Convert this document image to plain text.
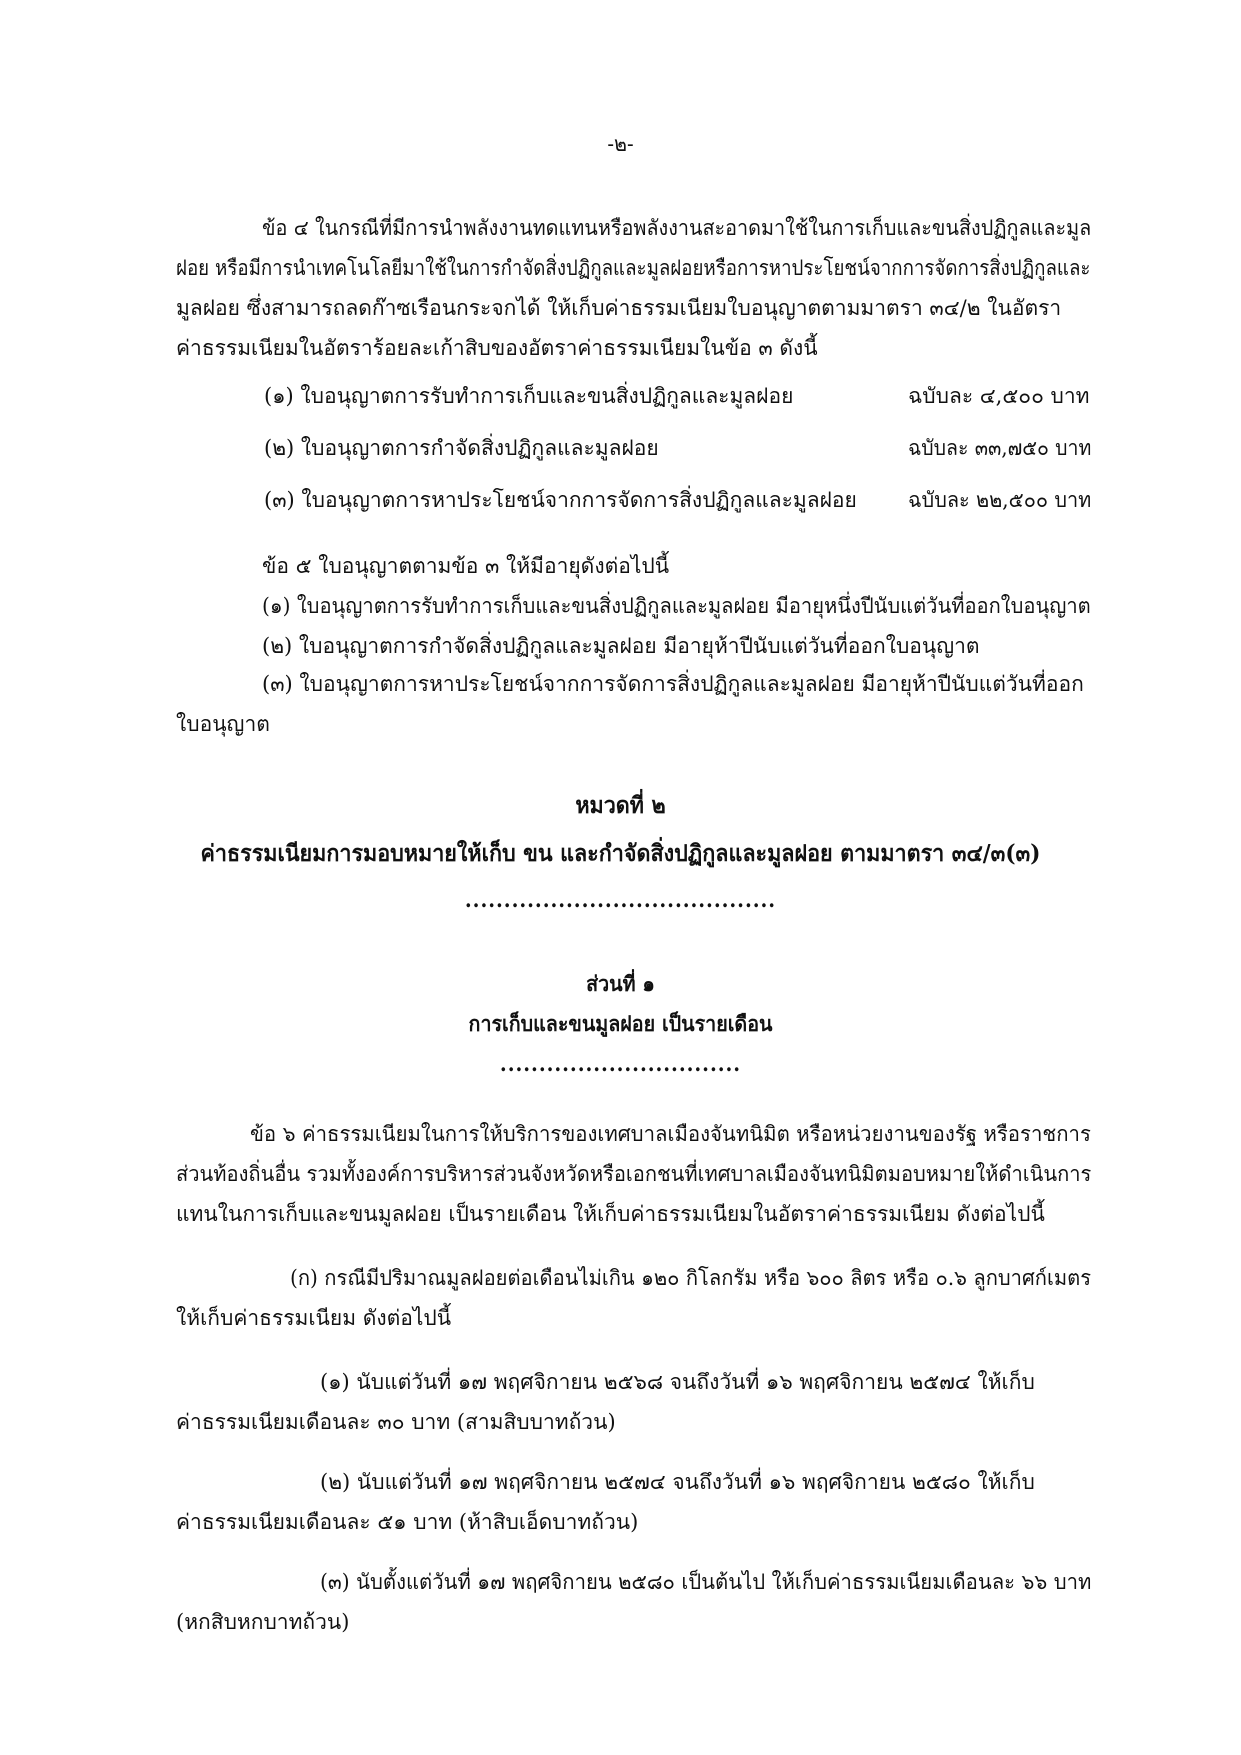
-๒-
ข้อ ๔ ในกรณีที่มีการนำพลังงานทดแทนหรือพลังงานสะอาดมาใช้ในการเก็บและขนสิ่งปฏิกูลและมูล
ฝอย หรือมีการนำเทคโนโลยีมาใช้ในการกำจัดสิ่งปฏิกูลและมูลฝอยหรือการหาประโยชน์จากการจัดการสิ่งปฏิกูลและ
มูลฝอย ซึ่งสามารถลดก๊าซเรือนกระจกได้ ให้เก็บค่าธรรมเนียมใบอนุญาตตามมาตรา ๓๔/๒ ในอัตรา
ค่าธรรมเนียมในอัตราร้อยละเก้าสิบของอัตราค่าธรรมเนียมในข้อ ๓ ดังนี้
(๑) ใบอนุญาตการรับทำการเก็บและขนสิ่งปฏิกูลและมูลฝอย	ฉบับละ ๔,๕๐๐ บาท
(๒) ใบอนุญาตการกำจัดสิ่งปฏิกูลและมูลฝอย	ฉบับละ ๓๓,๗๕๐ บาท
(๓) ใบอนุญาตการหาประโยชน์จากการจัดการสิ่งปฏิกูลและมูลฝอย ฉบับละ ๒๒,๕๐๐ บาท
ข้อ ๕ ใบอนุญาตตามข้อ ๓ ให้มีอายุดังต่อไปนี้
(๑) ใบอนุญาตการรับทำการเก็บและขนสิ่งปฏิกูลและมูลฝอย มีอายุหนึ่งปีนับแต่วันที่ออกใบอนุญาต
(๒) ใบอนุญาตการกำจัดสิ่งปฏิกูลและมูลฝอย มีอายุห้าปีนับแต่วันที่ออกใบอนุญาต
(๓) ใบอนุญาตการหาประโยชน์จากการจัดการสิ่งปฏิกูลและมูลฝอย มีอายุห้าปีนับแต่วันที่ออก
ใบอนุญาต
หมวดที่ ๒
ค่าธรรมเนียมการมอบหมายให้เก็บ ขน และกำจัดสิ่งปฏิกูลและมูลฝอย ตามมาตรา ๓๔/๓(๓)
........................................
ส่วนที่ ๑
การเก็บและขนมูลฝอย เป็นรายเดือน
...............................
ข้อ ๖ ค่าธรรมเนียมในการให้บริการของเทศบาลเมืองจันทนิมิต หรือหน่วยงานของรัฐ หรือราชการ
ส่วนท้องถิ่นอื่น รวมทั้งองค์การบริหารส่วนจังหวัดหรือเอกชนที่เทศบาลเมืองจันทนิมิตมอบหมายให้ดำเนินการ
แทนในการเก็บและขนมูลฝอย เป็นรายเดือน ให้เก็บค่าธรรมเนียมในอัตราค่าธรรมเนียม ดังต่อไปนี้
(ก) กรณีมีปริมาณมูลฝอยต่อเดือนไม่เกิน ๑๒๐ กิโลกรัม หรือ ๖๐๐ ลิตร หรือ ๐.๖ ลูกบาศก์เมตร
ให้เก็บค่าธรรมเนียม ดังต่อไปนี้
(๑) นับแต่วันที่ ๑๗ พฤศจิกายน ๒๕๖๘ จนถึงวันที่ ๑๖ พฤศจิกายน ๒๕๗๔ ให้เก็บ
ค่าธรรมเนียมเดือนละ ๓๐ บาท (สามสิบบาทถ้วน)
(๒) นับแต่วันที่ ๑๗ พฤศจิกายน ๒๕๗๔ จนถึงวันที่ ๑๖ พฤศจิกายน ๒๕๘๐ ให้เก็บ
ค่าธรรมเนียมเดือนละ ๕๑ บาท (ห้าสิบเอ็ดบาทถ้วน)
(๓) นับตั้งแต่วันที่ ๑๗ พฤศจิกายน ๒๕๘๐ เป็นต้นไป ให้เก็บค่าธรรมเนียมเดือนละ ๖๖ บาท
(หกสิบหกบาทถ้วน)
